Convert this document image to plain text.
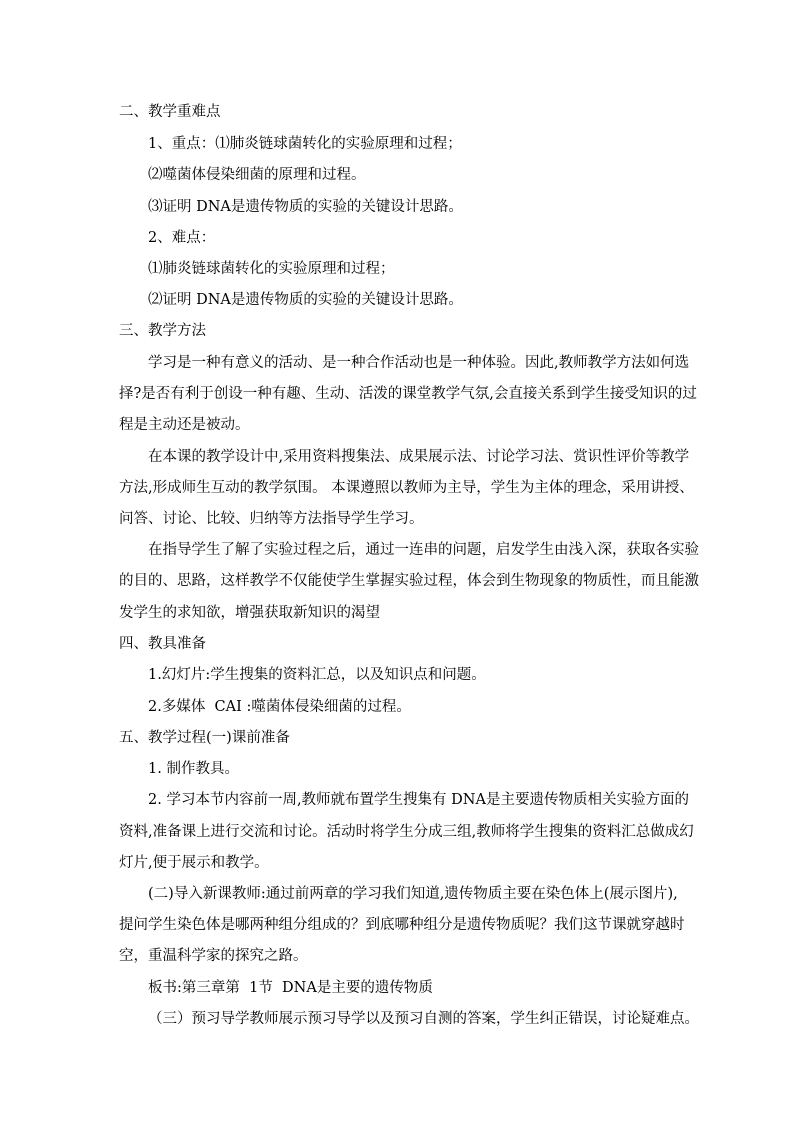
二、教学重难点
1、重点：⑴肺炎链球菌转化的实验原理和过程；
⑵噬菌体侵染细菌的原理和过程。
⑶证明 DNA是遗传物质的实验的关键设计思路。
2、难点：
⑴肺炎链球菌转化的实验原理和过程；
⑵证明 DNA是遗传物质的实验的关键设计思路。
三、教学方法
学习是一种有意义的活动、是一种合作活动也是一种体验。因此,教师教学方法如何选
择?是否有利于创设一种有趣、生动、活泼的课堂教学气氛,会直接关系到学生接受知识的过
程是主动还是被动。
在本课的教学设计中,采用资料搜集法、成果展示法、讨论学习法、赏识性评价等教学
方法,形成师生互动的教学氛围。 本课遵照以教师为主导，学生为主体的理念，采用讲授、
问答、讨论、比较、归纳等方法指导学生学习。
在指导学生了解了实验过程之后，通过一连串的问题，启发学生由浅入深，获取各实验
的目的、思路，这样教学不仅能使学生掌握实验过程，体会到生物现象的物质性，而且能激
发学生的求知欲，增强获取新知识的渴望
四、教具准备
1.幻灯片:学生搜集的资料汇总，以及知识点和问题。
2.多媒体  CAI :噬菌体侵染细菌的过程。
五、教学过程(一)课前准备
1. 制作教具。
2. 学习本节内容前一周,教师就布置学生搜集有 DNA是主要遗传物质相关实验方面的
资料,准备课上进行交流和讨论。活动时将学生分成三组,教师将学生搜集的资料汇总做成幻
灯片,便于展示和教学。
(二)导入新课教师:通过前两章的学习我们知道,遗传物质主要在染色体上(展示图片),
提问学生染色体是哪两种组分组成的？到底哪种组分是遗传物质呢？我们这节课就穿越时
空，重温科学家的探究之路。
板书:第三章第  1节  DNA是主要的遗传物质
（三）预习导学教师展示预习导学以及预习自测的答案，学生纠正错误，讨论疑难点。
